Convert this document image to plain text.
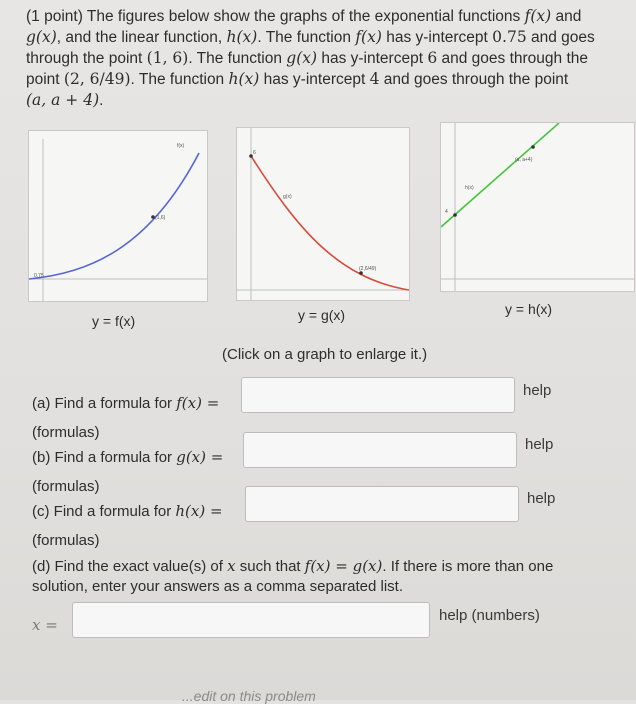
(1 point) The figures below show the graphs of the exponential functions f(x) and
g(x), and the linear function, h(x). The function f(x) has y-intercept 0.75 and goes
through the point (1, 6). The function g(x) has y-intercept 6 and goes through the
point (2, 6/49). The function h(x) has y-intercept 4 and goes through the point
(a, a + 4).
(1,6)
f(x)
0.75
y = f(x)
(2,6/49)
g(x)
6
y = g(x)
(a, a+4)
h(x)
4
y = h(x)
(Click on a graph to enlarge it.)
(a) Find a formula for f(x) =
help
(formulas)
(b) Find a formula for g(x) =
help
(formulas)
(c) Find a formula for h(x) =
help
(formulas)
(d) Find the exact value(s) of x such that f(x) = g(x). If there is more than one solution, enter your answers as a comma separated list.
x =
help (numbers)
...edit on this problem
